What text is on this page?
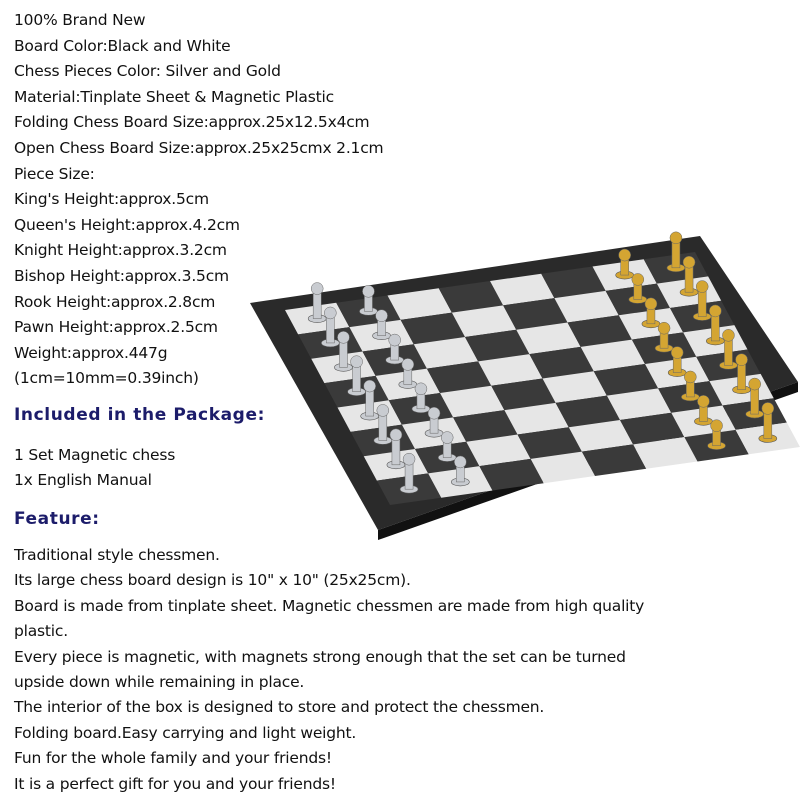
100% Brand New
Board Color:Black and White
Chess Pieces Color: Silver and Gold
Material:Tinplate Sheet & Magnetic Plastic
Folding Chess Board Size:approx.25x12.5x4cm
Open Chess Board Size:approx.25x25cmx 2.1cm
Piece Size:
King's Height:approx.5cm
Queen's Height:approx.4.2cm
Knight Height:approx.3.2cm
Bishop Height:approx.3.5cm
Rook Height:approx.2.8cm
Pawn Height:approx.2.5cm
Weight:approx.447g
(1cm=10mm=0.39inch)
Included in the Package:
1 Set Magnetic chess
1x English Manual
Feature:
Traditional style chessmen.
Its large chess board design is 10" x 10" (25x25cm).
Board is made from tinplate sheet. Magnetic chessmen are made from high quality
plastic.
Every piece is magnetic, with magnets strong enough that the set can be turned
upside down while remaining in place.
The interior of the box is designed to store and protect the chessmen.
Folding board.Easy carrying and light weight.
Fun for the whole family and your friends!
It is a perfect gift for you and your friends!
